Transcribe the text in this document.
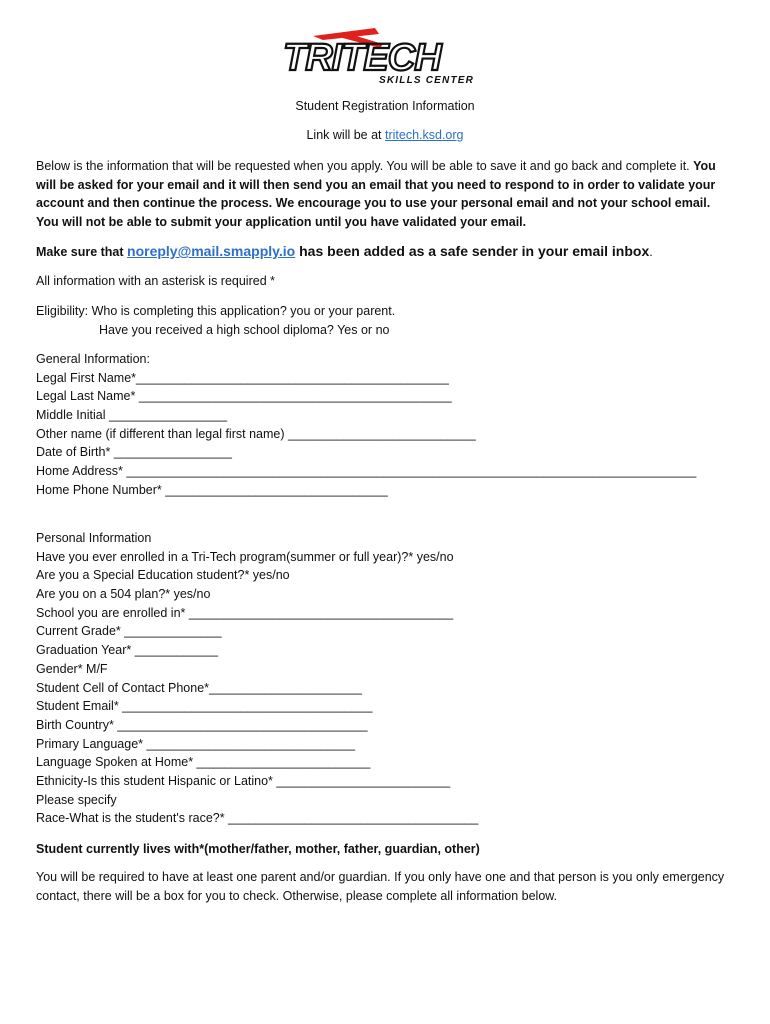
TRITECH
SKILLS CENTER
Student Registration Information
Link will be at tritech.ksd.org
Below is the information that will be requested when you apply. You will be able to save it and go back and complete it. You will be asked for your email and it will then send you an email that you need to respond to in order to validate your account and then continue the process. We encourage you to use your personal email and not your school email. You will not be able to submit your application until you have validated your email.
Make sure that noreply@mail.smapply.io has been added as a safe sender in your email inbox.
All information with an asterisk is required *
Eligibility: Who is completing this application? you or your parent.
Have you received a high school diploma? Yes or no
General Information:
Legal First Name*_____________________________________________
Legal Last Name* _____________________________________________
Middle Initial _________________
Other name (if different than legal first name) ___________________________
Date of Birth* _________________
Home Address* __________________________________________________________________________________
Home Phone Number* ________________________________
Personal Information
Have you ever enrolled in a Tri-Tech program(summer or full year)?* yes/no
Are you a Special Education student?* yes/no
Are you on a 504 plan?* yes/no
School you are enrolled in* ______________________________________
Current Grade* ______________
Graduation Year* ____________
Gender* M/F
Student Cell of Contact Phone*______________________
Student Email* ____________________________________
Birth Country* ____________________________________
Primary Language* ______________________________
Language Spoken at Home* _________________________
Ethnicity-Is this student Hispanic or Latino* _________________________
Please specify
Race-What is the student's race?* ____________________________________
Student currently lives with*(mother/father, mother, father, guardian, other)
You will be required to have at least one parent and/or guardian. If you only have one and that person is you only emergency contact, there will be a box for you to check. Otherwise, please complete all information below.
